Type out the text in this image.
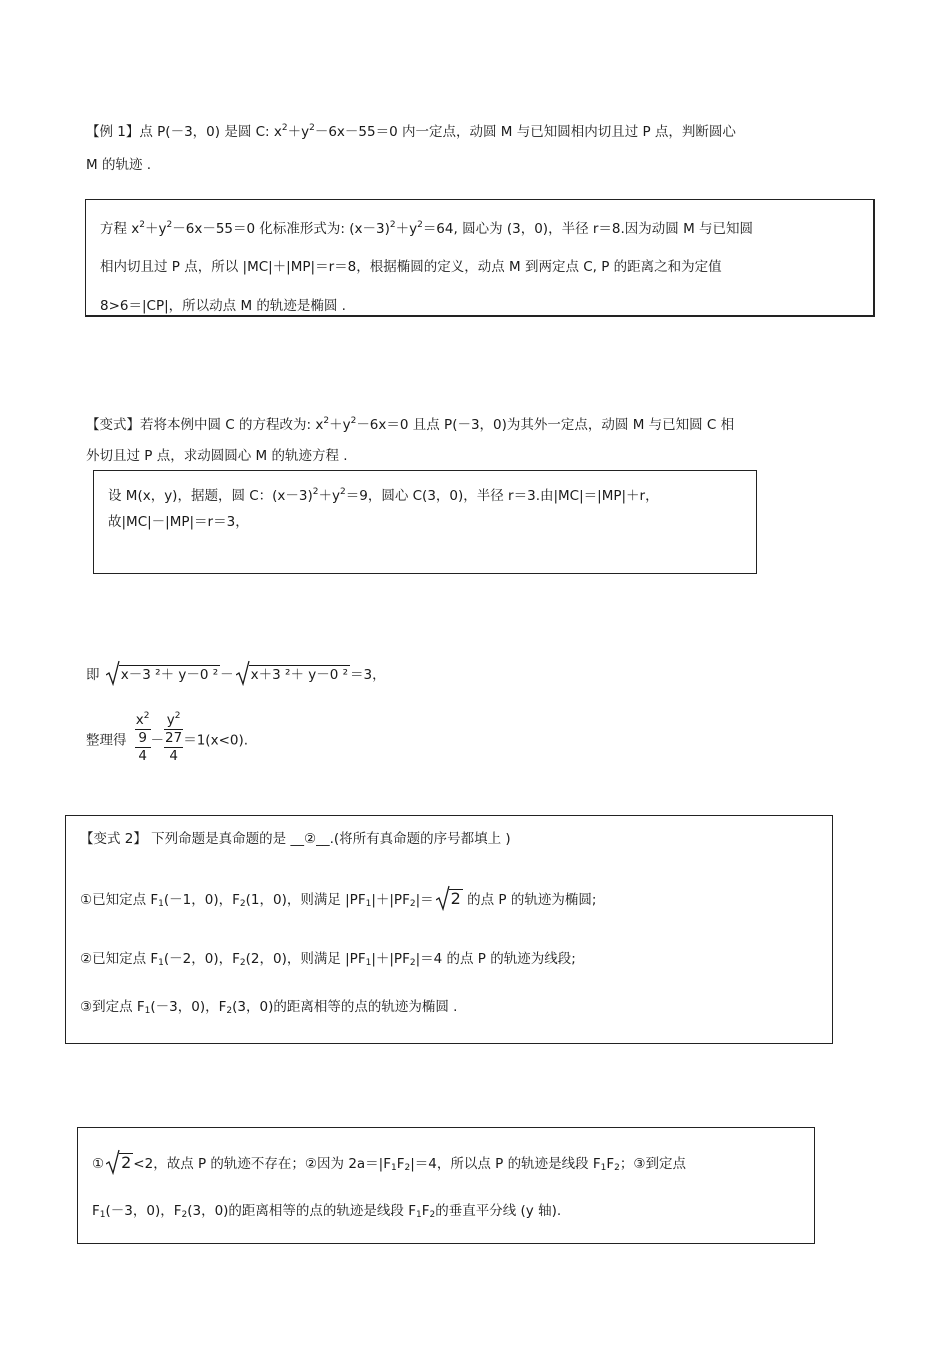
【例 1】点 P(－3，0) 是圆 C: $x^2+y^2-6x-55=0$ 内一定点，动圆 M 与已知圆相内切且过 P 点，判断圆心
M 的轨迹 .
方程 $x^2+y^2-6x-55=0$ 化标准形式为: $(x-3)^2+y^2=64$, 圆心为 (3，0)，半径 r＝8.因为动圆 M 与已知圆
相内切且过 P 点，所以 |MC|＋|MP|＝r＝8，根据椭圆的定义，动点 M 到两定点 C, P 的距离之和为定值
8>6＝|CP|，所以动点 M 的轨迹是椭圆 .
【变式】若将本例中圆 C 的方程改为: $x^2+y^2-6x=0$ 且点 P(－3，0)为其外一定点，动圆 M 与已知圆 C 相
外切且过 P 点，求动圆圆心 M 的轨迹方程 .
设 M(x，y)，据题，圆 C：$(x-3)^2+y^2=9$，圆心 C(3，0)，半径 r＝3.由|MC|＝|MP|＋r，
故|MC|－|MP|＝r＝3，
即 x－3 ²＋ y－0 ² － x＋3 ²＋ y－0 ² ＝3，
整理得 $x^2$
9
$4 - y^2$
27
4 ＝1(x<0).
【变式 2】 下列命题是真命题的是 __②__.(将所有真命题的序号都填上 )
①已知定点 $F_1(-1$，0)，$F_2(1$，0)，则满足 $|PF_1|+|PF_2|= 2$ 的点 P 的轨迹为椭圆;
②已知定点 $F_1(-2$，0)，$F_2(2$，0)，则满足 $|PF_1|+|PF_2|=4$ 的点 P 的轨迹为线段;
③到定点 $F_1(-3$，0)，$F_2(3$，0)的距离相等的点的轨迹为椭圆 .
① 2 <2，故点 P 的轨迹不存在；②因为 $2a=|F_1F_2|=4$，所以点 P 的轨迹是线段 $F_1F_2$；③到定点
$F_1(-3$，0)，$F_2(3$，0)的距离相等的点的轨迹是线段 $F_1F_2$的垂直平分线 (y 轴).
